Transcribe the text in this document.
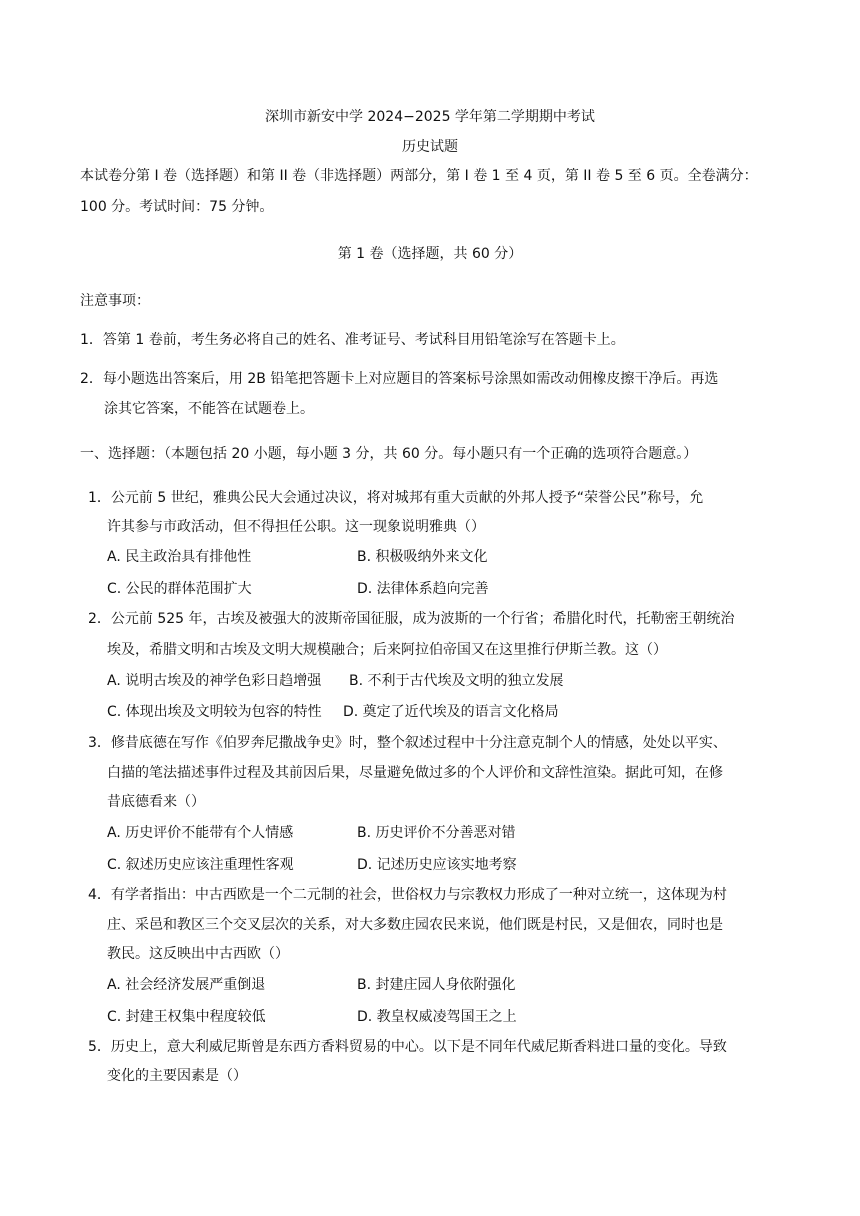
深圳市新安中学 2024−2025 学年第二学期期中考试
历史试题
本试卷分第 I 卷（选择题）和第 II 卷（非选择题）两部分，第 I 卷 1 至 4 页，第 II 卷 5 至 6 页。全卷满分：
100 分。考试时间：75 分钟。
第 1 卷（选择题，共 60 分）
注意事项：
1．答第 1 卷前，考生务必将自己的姓名、准考证号、考试科目用铅笔涂写在答题卡上。
2．每小题选出答案后，用 2B 铅笔把答题卡上对应题目的答案标号涂黑如需改动佣橡皮擦干净后。再选
涂其它答案，不能答在试题卷上。
一、选择题：（本题包括 20 小题，每小题 3 分，共 60 分。每小题只有一个正确的选项符合题意。）
1．公元前 5 世纪，雅典公民大会通过决议，将对城邦有重大贡献的外邦人授予“荣誉公民”称号，允
许其参与市政活动，但不得担任公职。这一现象说明雅典（）
A. 民主政治具有排他性	B. 积极吸纳外来文化
C. 公民的群体范围扩大	D. 法律体系趋向完善
2．公元前 525 年，古埃及被强大的波斯帝国征服，成为波斯的一个行省；希腊化时代，托勒密王朝统治
埃及，希腊文明和古埃及文明大规模融合；后来阿拉伯帝国又在这里推行伊斯兰教。这（）
A. 说明古埃及的神学色彩日趋增强 B. 不利于古代埃及文明的独立发展
C. 体现出埃及文明较为包容的特性 D. 奠定了近代埃及的语言文化格局
3．修昔底德在写作《伯罗奔尼撒战争史》时，整个叙述过程中十分注意克制个人的情感，处处以平实、
白描的笔法描述事件过程及其前因后果，尽量避免做过多的个人评价和文辞性渲染。据此可知，在修
昔底德看来（）
A. 历史评价不能带有个人情感	B. 历史评价不分善恶对错
C. 叙述历史应该注重理性客观	D. 记述历史应该实地考察
4．有学者指出：中古西欧是一个二元制的社会，世俗权力与宗教权力形成了一种对立统一，这体现为村
庄、采邑和教区三个交叉层次的关系，对大多数庄园农民来说，他们既是村民，又是佃农，同时也是
教民。这反映出中古西欧（）
A. 社会经济发展严重倒退	B. 封建庄园人身依附强化
C. 封建王权集中程度较低	D. 教皇权威凌驾国王之上
5．历史上，意大利威尼斯曾是东西方香料贸易的中心。以下是不同年代威尼斯香料进口量的变化。导致
变化的主要因素是（）
